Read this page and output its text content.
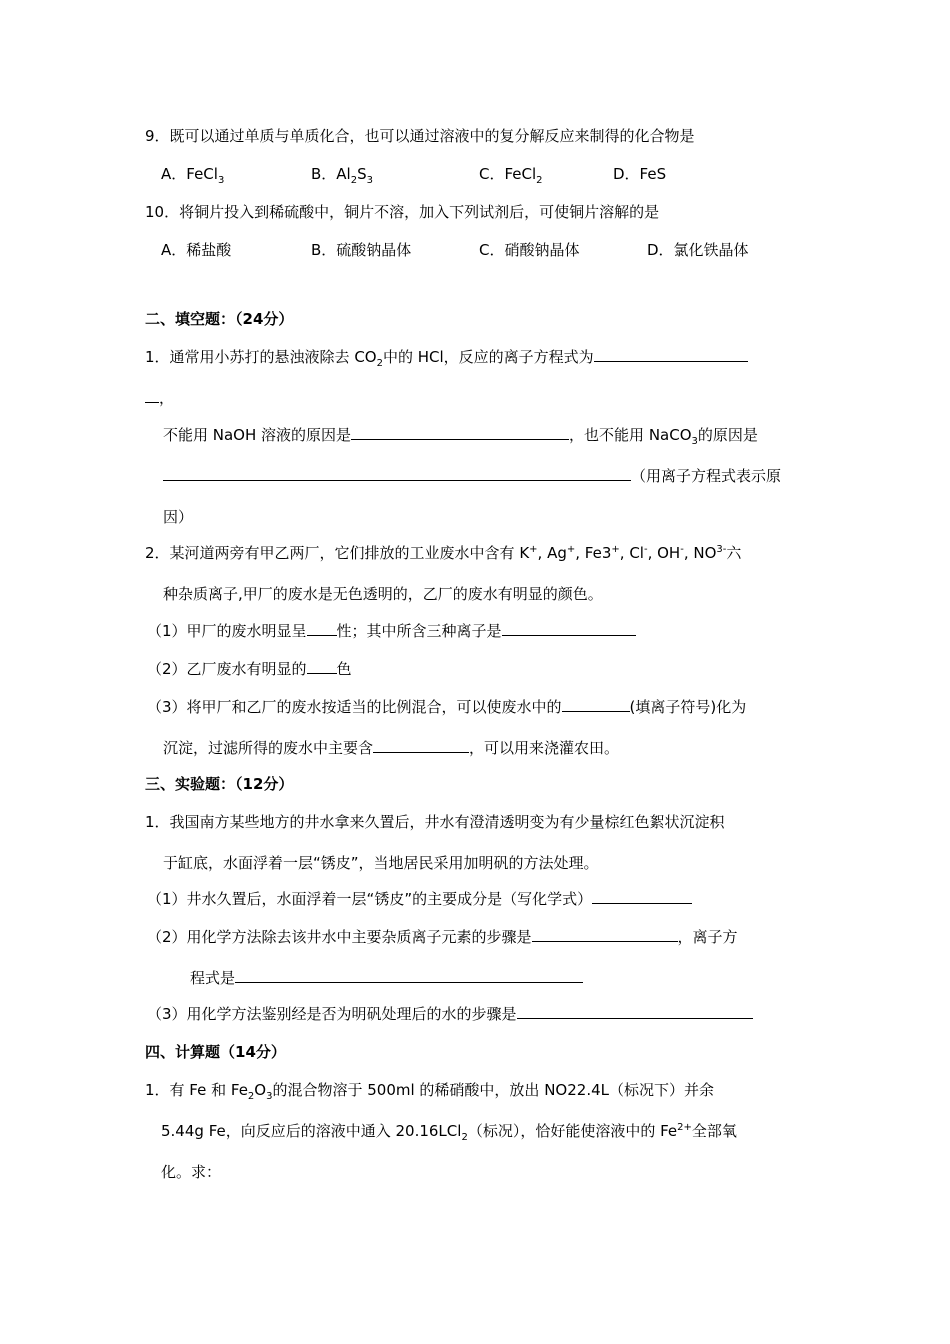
9．既可以通过单质与单质化合，也可以通过溶液中的复分解反应来制得的化合物是
A．FeCl$_3$	B．$Al_2S_3$	C．FeCl$_2$	D．FeS
10．将铜片投入到稀硫酸中，铜片不溶，加入下列试剂后，可使铜片溶解的是
A．稀盐酸	B．硫酸钠晶体	C．硝酸钠晶体	D．氯化铁晶体
二、填空题：（24分）
1．通常用小苏打的悬浊液除去 $CO_2$中的 HCl，反应的离子方程式为
，
不能用 NaOH 溶液的原因是	，也不能用 NaCO$_3$的原因是
（用离子方程式表示原
因）
2．某河道两旁有甲乙两厂，它们排放的工业废水中含有 K+, Ag+, Fe3+, Cl-, OH-, $NO^{3-}$六
种杂质离子,甲厂的废水是无色透明的，乙厂的废水有明显的颜色。
（1）甲厂的废水明显呈 性；其中所含三种离子是
（2）乙厂废水有明显的 色
（3）将甲厂和乙厂的废水按适当的比例混合，可以使废水中的	(填离子符号)化为
沉淀，过滤所得的废水中主要含	，可以用来浇灌农田。
三、实验题：（12分）
1．我国南方某些地方的井水拿来久置后，井水有澄清透明变为有少量棕红色絮状沉淀积
于缸底，水面浮着一层“锈皮”，当地居民采用加明矾的方法处理。
（1）井水久置后，水面浮着一层“锈皮”的主要成分是（写化学式）
（2）用化学方法除去该井水中主要杂质离子元素的步骤是	，离子方
程式是
（3）用化学方法鉴别经是否为明矾处理后的水的步骤是
四、计算题（14分）
1．有 Fe 和 $Fe_2O_3$的混合物溶于 500ml 的稀硝酸中，放出 NO22.4L（标况下）并余
5.44g Fe，向反应后的溶液中通入 20.16LCl$_2$（标况），恰好能使溶液中的 $Fe^{2+}$全部氧
化。求：
